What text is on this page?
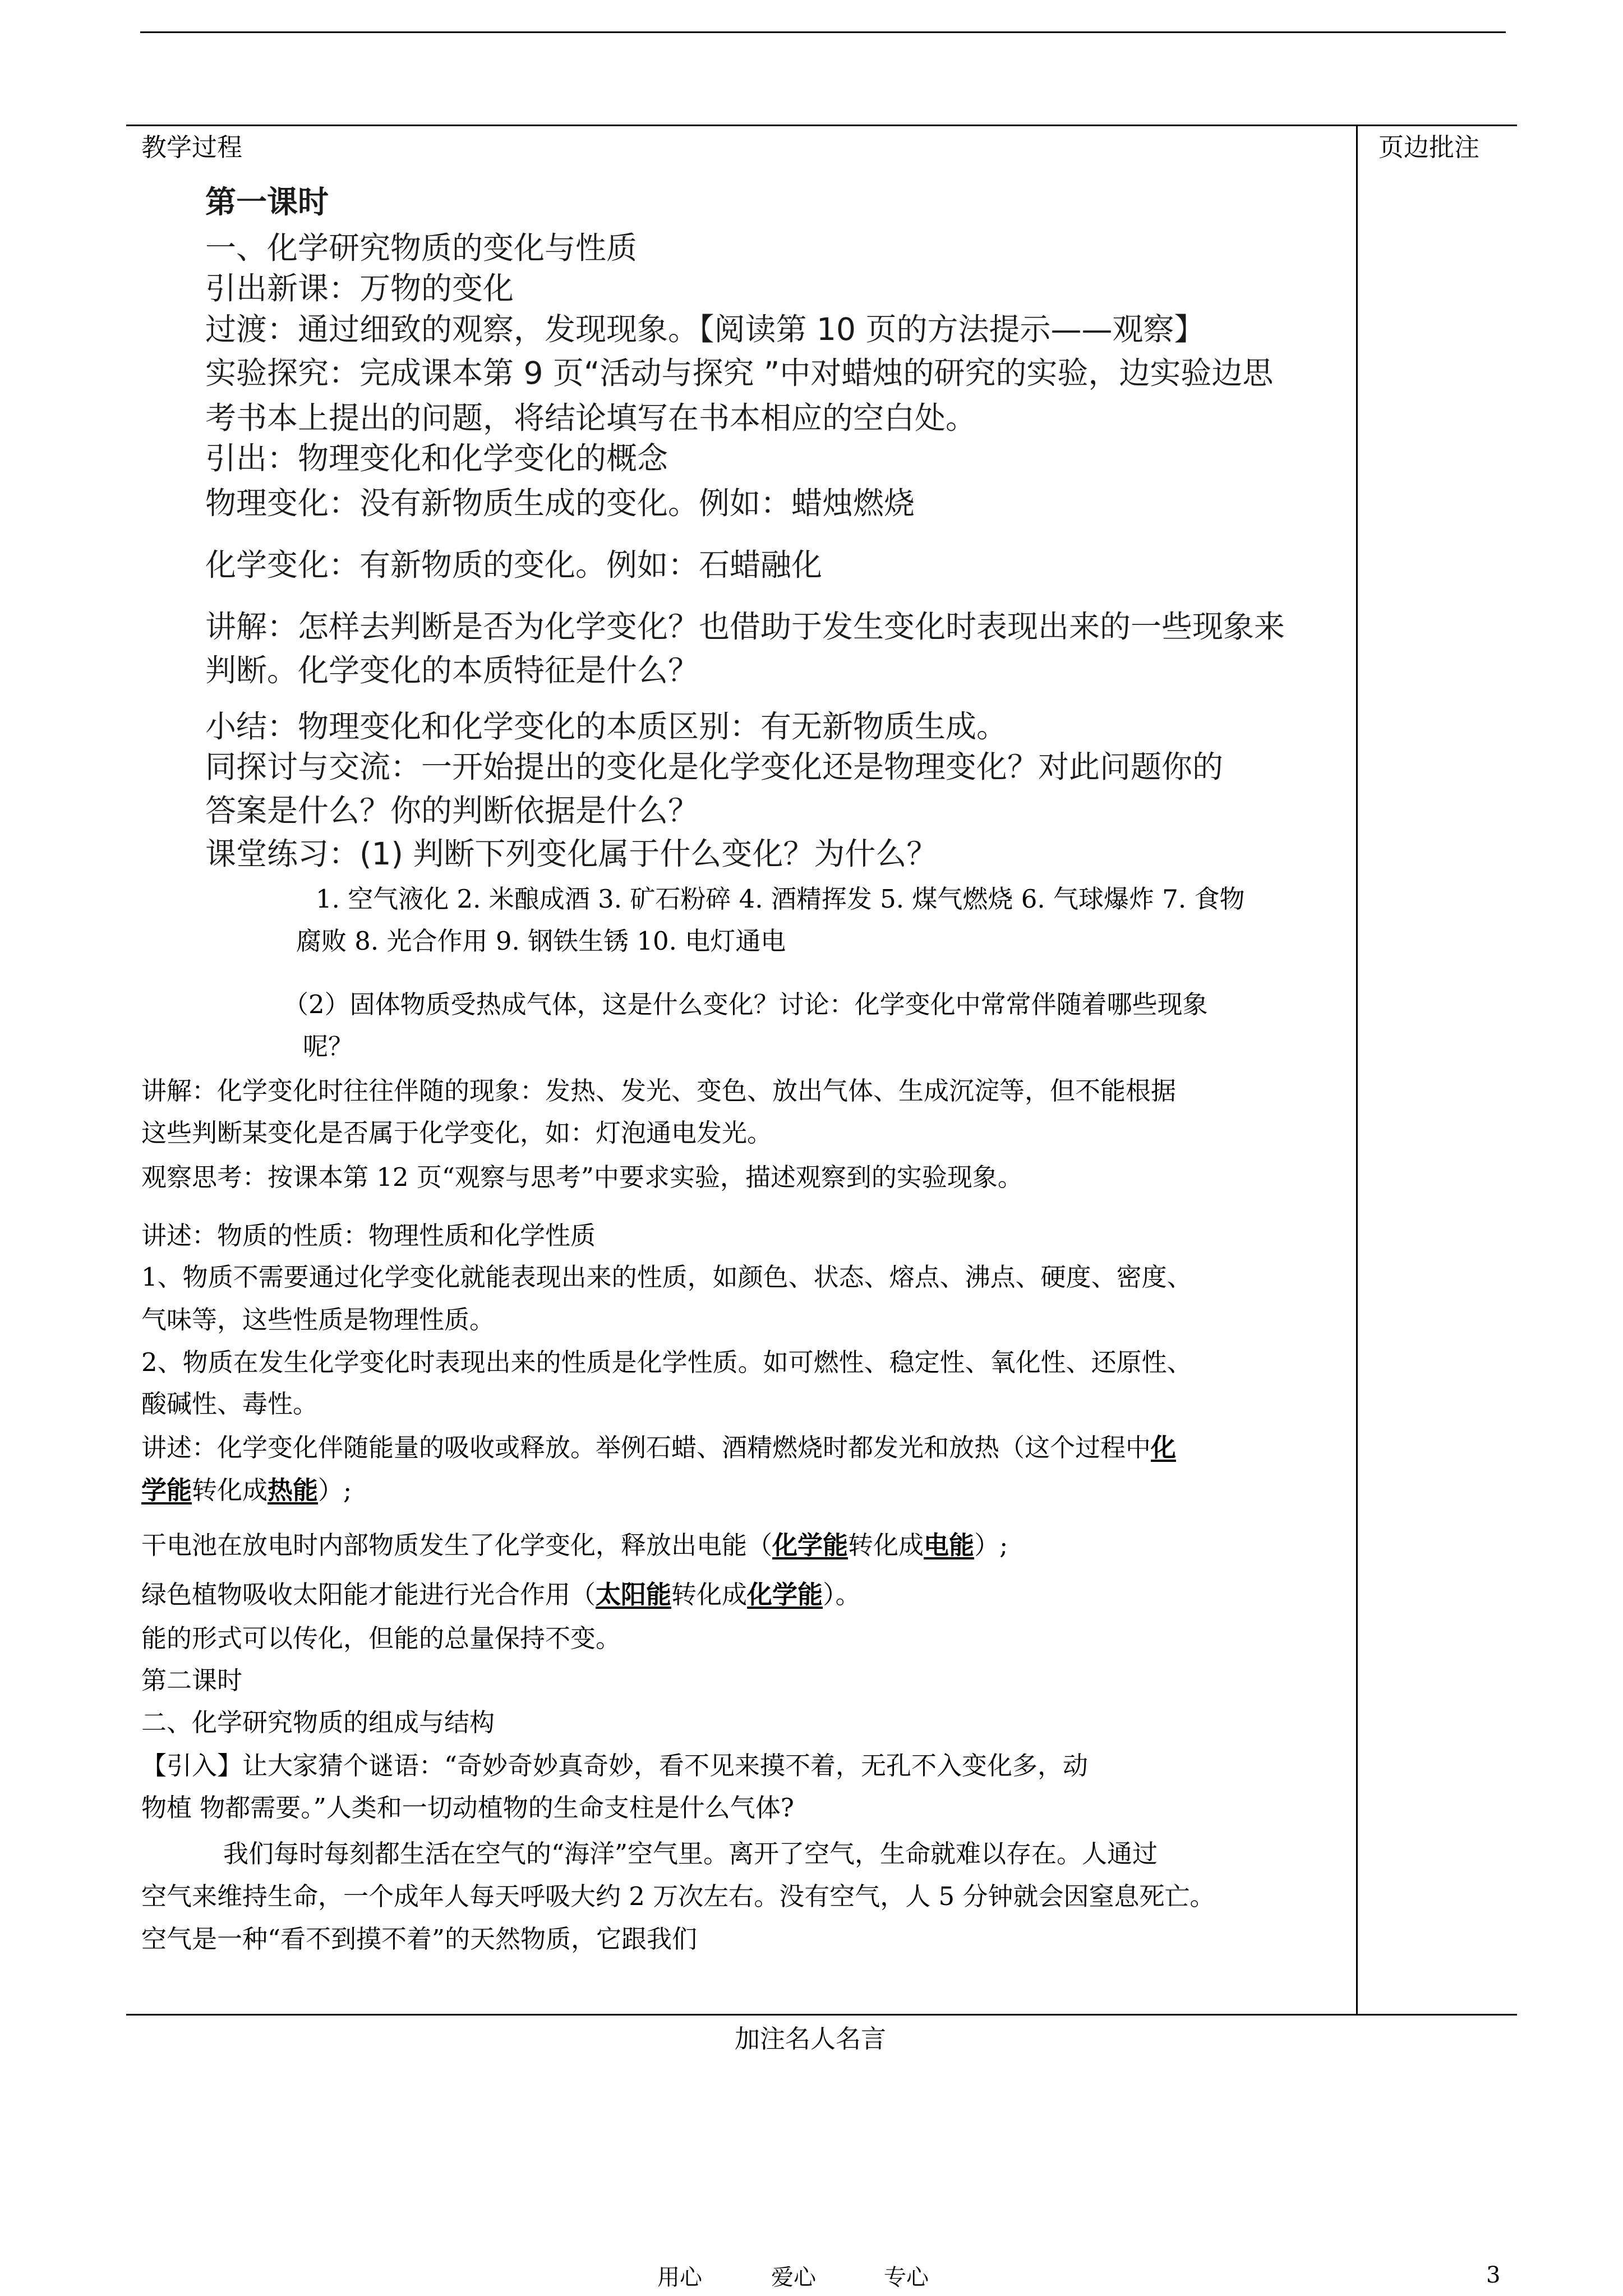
教学过程	页边批注
第一课时
一、化学研究物质的变化与性质
引出新课：万物的变化
过渡：通过细致的观察，发现现象。【阅读第 10 页的方法提示——观察】
实验探究：完成课本第 9 页“活动与探究 ”中对蜡烛的研究的实验，边实验边思
考书本上提出的问题，将结论填写在书本相应的空白处。
引出：物理变化和化学变化的概念
物理变化：没有新物质生成的变化。例如：蜡烛燃烧
化学变化：有新物质的变化。例如：石蜡融化
讲解：怎样去判断是否为化学变化？也借助于发生变化时表现出来的一些现象来
判断。化学变化的本质特征是什么？
小结：物理变化和化学变化的本质区别：有无新物质生成。
同探讨与交流：一开始提出的变化是化学变化还是物理变化？对此问题你的
答案是什么？你的判断依据是什么？
课堂练习：(1) 判断下列变化属于什么变化？为什么？
1. 空气液化 2. 米酿成酒 3. 矿石粉碎 4. 酒精挥发 5. 煤气燃烧 6. 气球爆炸 7. 食物
腐败 8. 光合作用 9. 钢铁生锈 10. 电灯通电
（2）固体物质受热成气体，这是什么变化？讨论：化学变化中常常伴随着哪些现象
呢？
讲解：化学变化时往往伴随的现象：发热、发光、变色、放出气体、生成沉淀等，但不能根据
这些判断某变化是否属于化学变化，如：灯泡通电发光。
观察思考：按课本第 12 页“观察与思考”中要求实验，描述观察到的实验现象。
讲述：物质的性质：物理性质和化学性质
1、物质不需要通过化学变化就能表现出来的性质，如颜色、状态、熔点、沸点、硬度、密度、
气味等，这些性质是物理性质。
2、物质在发生化学变化时表现出来的性质是化学性质。如可燃性、稳定性、氧化性、还原性、
酸碱性、毒性。
讲述：化学变化伴随能量的吸收或释放。举例石蜡、酒精燃烧时都发光和放热（这个过程中化
学能转化成热能）;
干电池在放电时内部物质发生了化学变化，释放出电能（化学能转化成电能）;
绿色植物吸收太阳能才能进行光合作用（太阳能转化成化学能）。
能的形式可以传化，但能的总量保持不变。
第二课时
二、化学研究物质的组成与结构
【引入】让大家猜个谜语：“奇妙奇妙真奇妙，看不见来摸不着，无孔不入变化多，动
物植 物都需要。”人类和一切动植物的生命支柱是什么气体?
我们每时每刻都生活在空气的“海洋”空气里。离开了空气，生命就难以存在。人通过
空气来维持生命，一个成年人每天呼吸大约 2 万次左右。没有空气，人 5 分钟就会因窒息死亡。
空气是一种“看不到摸不着”的天然物质，它跟我们
加注名人名言
用心	爱心	专心	3
